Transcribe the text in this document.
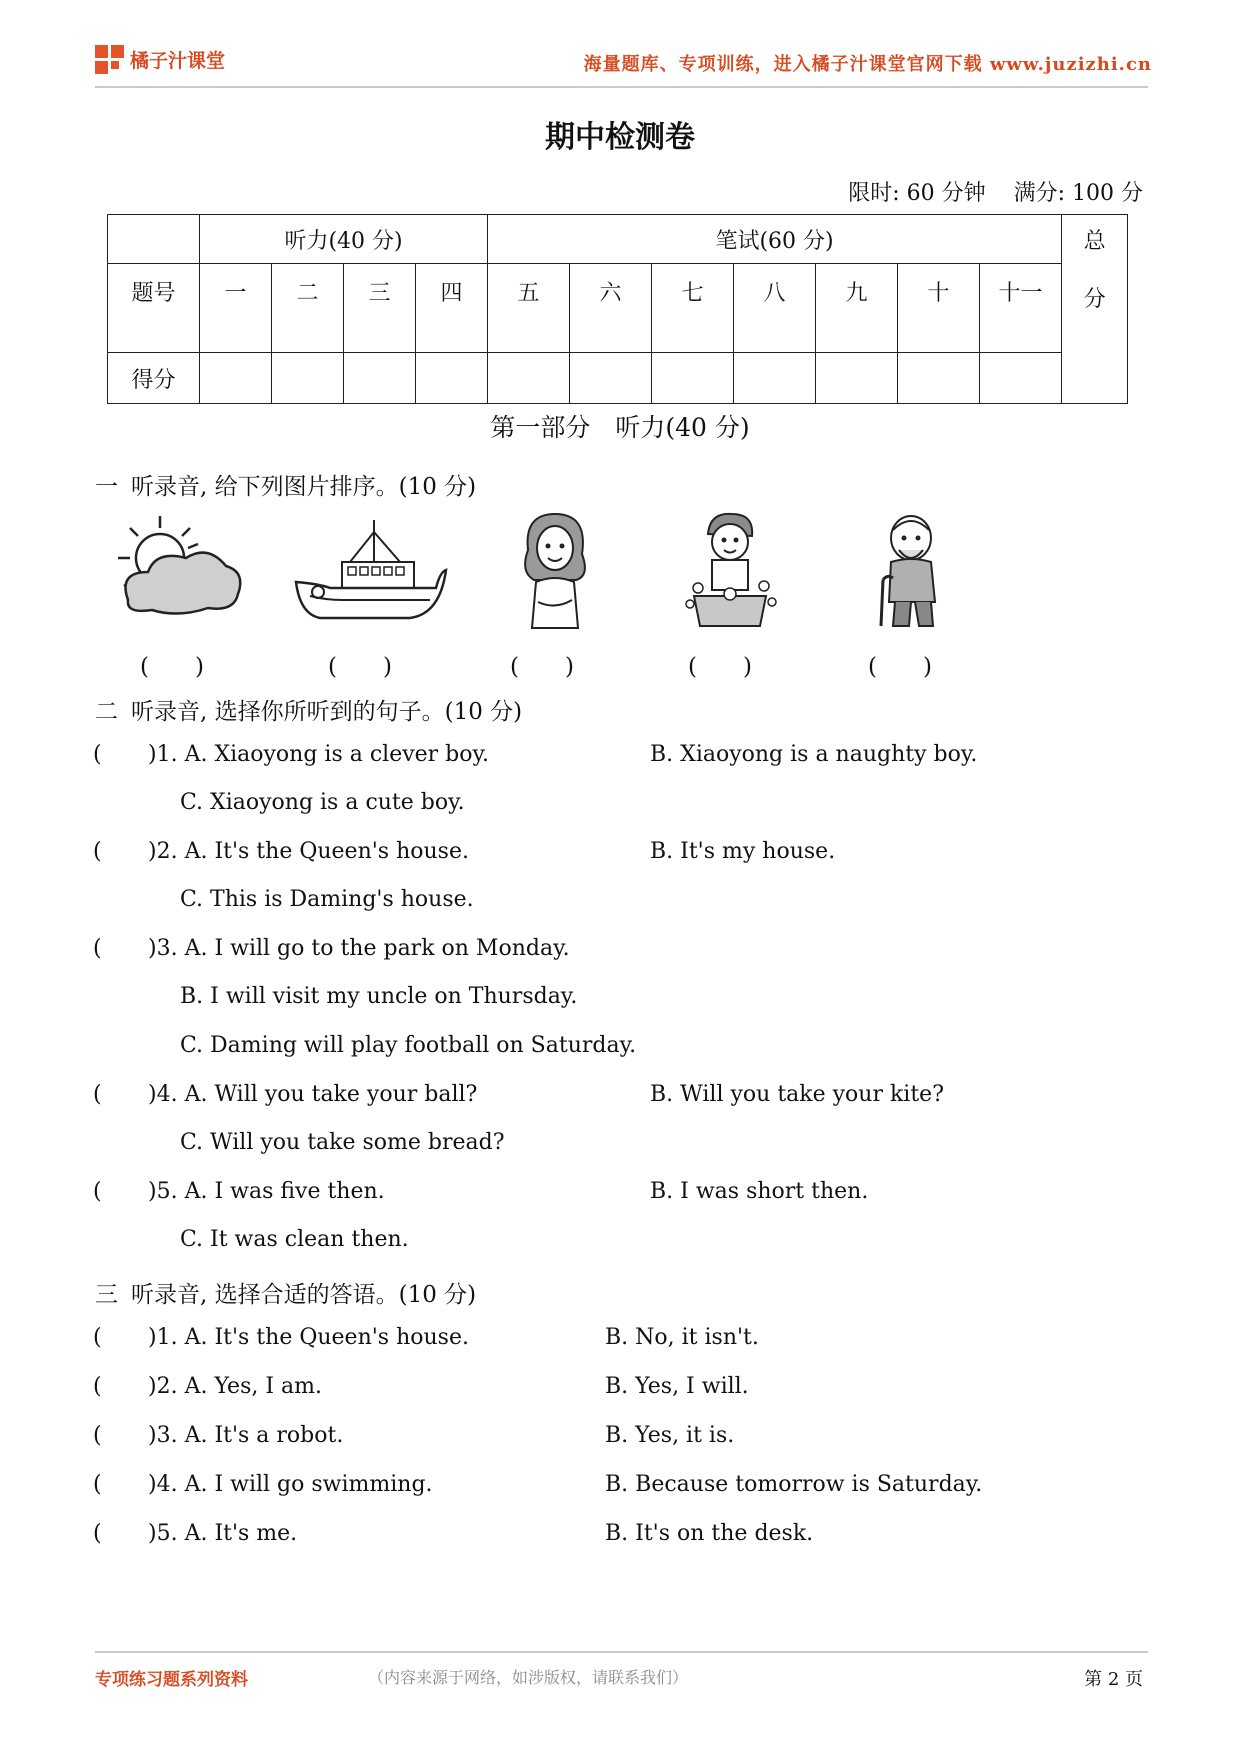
橘子汁课堂	海量题库、专项训练，进入橘子汁课堂官网下载 www.juzizhi.cn
期中检测卷
限时: 60 分钟    满分: 100 分
	听力(40 分)				笔试(60 分)							总
分

题号	一	二	三	四	五	六	七	八	九	十	十一	
得分												
第一部分　听力(40 分)
一 听录音, 给下列图片排序。(10 分)
(　　)	(　　)	(　　)	(　　)	(　　)
二 听录音, 选择你所听到的句子。(10 分)
( )1. A. Xiaoyong is a clever boy.	B. Xiaoyong is a naughty boy.
C. Xiaoyong is a cute boy.
( )2. A. It's the Queen's house.	B. It's my house.
C. This is Daming's house.
( )3. A. I will go to the park on Monday.
B. I will visit my uncle on Thursday.
C. Daming will play football on Saturday.
( )4. A. Will you take your ball?	B. Will you take your kite?
C. Will you take some bread?
( )5. A. I was five then.	B. I was short then.
C. It was clean then.
三 听录音, 选择合适的答语。(10 分)
( )1. A. It's the Queen's house.	B. No, it isn't.
( )2. A. Yes, I am.	B. Yes, I will.
( )3. A. It's a robot.	B. Yes, it is.
( )4. A. I will go swimming.	B. Because tomorrow is Saturday.
( )5. A. It's me.	B. It's on the desk.
专项练习题系列资料	（内容来源于网络，如涉版权，请联系我们）	第 2 页
